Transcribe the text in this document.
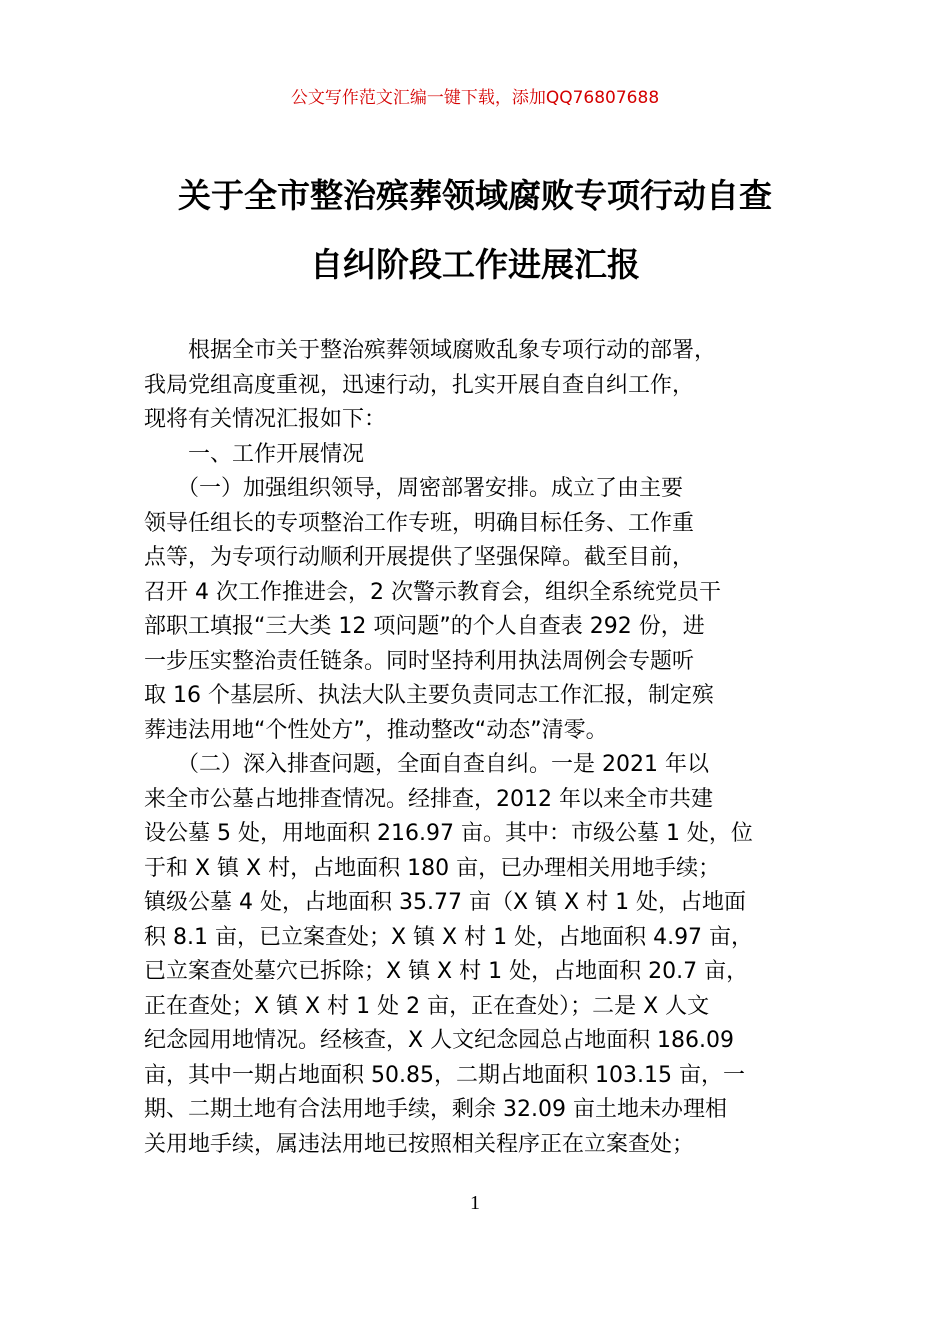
公文写作范文汇编一键下载，添加QQ76807688
关于全市整治殡葬领域腐败专项行动自查
自纠阶段工作进展汇报
　　根据全市关于整治殡葬领域腐败乱象专项行动的部署，
我局党组高度重视，迅速行动，扎实开展自查自纠工作，
现将有关情况汇报如下：
　　一、工作开展情况
　　（一）加强组织领导，周密部署安排。成立了由主要
领导任组长的专项整治工作专班，明确目标任务、工作重
点等，为专项行动顺利开展提供了坚强保障。截至目前，
召开 4 次工作推进会，2 次警示教育会，组织全系统党员干
部职工填报“三大类 12 项问题”的个人自查表 292 份，进
一步压实整治责任链条。同时坚持利用执法周例会专题听
取 16 个基层所、执法大队主要负责同志工作汇报，制定殡
葬违法用地“个性处方”，推动整改“动态”清零。
　　（二）深入排查问题，全面自查自纠。一是 2021 年以
来全市公墓占地排查情况。经排查，2012 年以来全市共建
设公墓 5 处，用地面积 216.97 亩。其中：市级公墓 1 处，位
于和 X 镇 X 村，占地面积 180 亩，已办理相关用地手续；
镇级公墓 4 处，占地面积 35.77 亩（X 镇 X 村 1 处，占地面
积 8.1 亩，已立案查处；X 镇 X 村 1 处，占地面积 4.97 亩，
已立案查处墓穴已拆除；X 镇 X 村 1 处，占地面积 20.7 亩，
正在查处；X 镇 X 村 1 处 2 亩，正在查处）；二是 X 人文
纪念园用地情况。经核查，X 人文纪念园总占地面积 186.09
亩，其中一期占地面积 50.85，二期占地面积 103.15 亩，一
期、二期土地有合法用地手续，剩余 32.09 亩土地未办理相
关用地手续，属违法用地已按照相关程序正在立案查处；
1
